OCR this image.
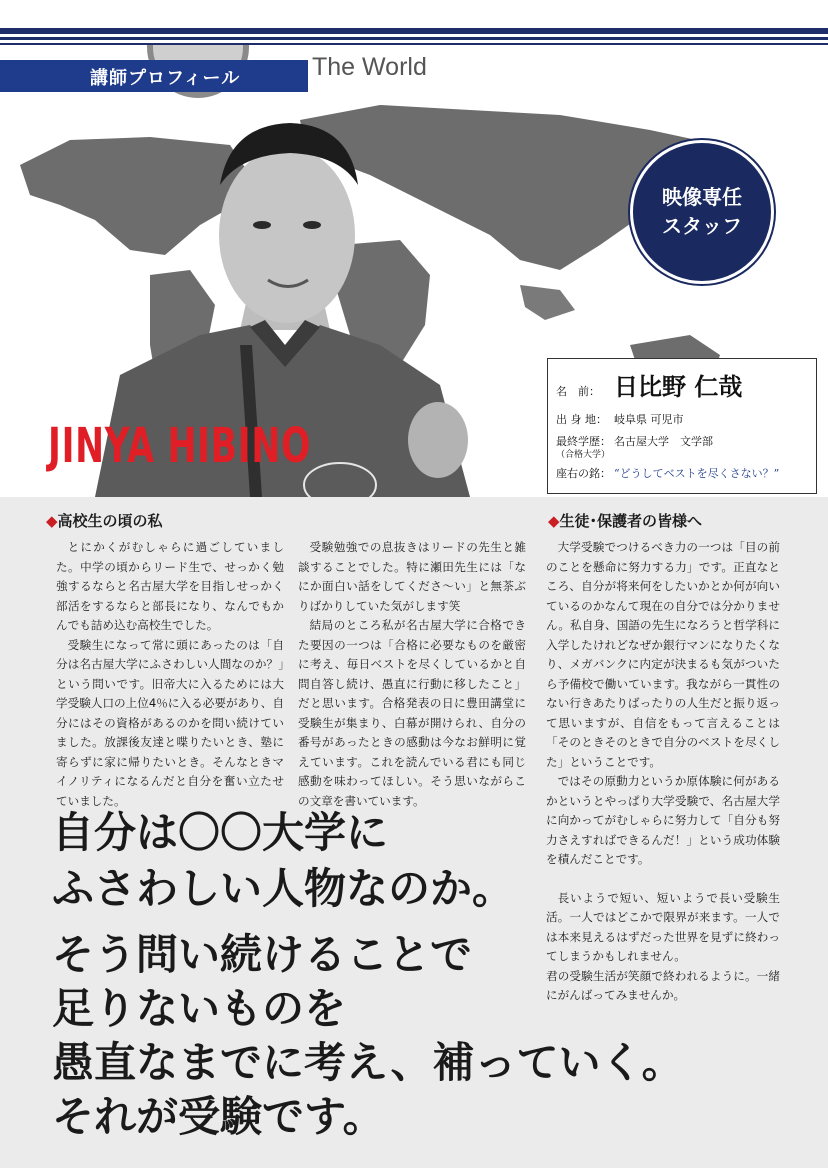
The World
講師プロフィール
映像専任
スタッフ
JINYA HIBINO
名　前： 日比野 仁哉
出 身 地： 岐阜県 可児市
最終学歴： 名古屋大学　文学部
（合格大学）
座右の銘： “どうしてベストを尽くさない？”
◆高校生の頃の私

とにかくがむしゃらに過ごしていました。中学の頃からリード生で、せっかく勉強するならと名古屋大学を目指しせっかく部活をするならと部長になり、なんでもかんでも詰め込む高校生でした。

受験生になって常に頭にあったのは「自分は名古屋大学にふさわしい人間なのか？」という問いです。旧帝大に入るためには大学受験人口の上位4％に入る必要があり、自分にはその資格があるのかを問い続けていました。放課後友達と喋りたいとき、塾に寄らずに家に帰りたいとき。そんなときマイノリティになるんだと自分を奮い立たせていました。

受験勉強での息抜きはリードの先生と雑談することでした。特に瀬田先生には「なにか面白い話をしてくださ〜い」と無茶ぶりばかりしていた気がします笑

結局のところ私が名古屋大学に合格できた要因の一つは「合格に必要なものを厳密に考え、毎日ベストを尽くしているかと自問自答し続け、愚直に行動に移したこと」だと思います。合格発表の日に豊田講堂に受験生が集まり、白幕が開けられ、自分の番号があったときの感動は今なお鮮明に覚えています。これを読んでいる君にも同じ感動を味わってほしい。そう思いながらこの文章を書いています。

◆生徒･保護者の皆様へ

大学受験でつけるべき力の一つは「目の前のことを懸命に努力する力」です。正直なところ、自分が将来何をしたいかとか何が向いているのかなんて現在の自分では分かりません。私自身、国語の先生になろうと哲学科に入学したけれどなぜか銀行マンになりたくなり、メガバンクに内定が決まるも気がついたら予備校で働いています。我ながら一貫性のない行きあたりばったりの人生だと振り返って思いますが、自信をもって言えることは「そのときそのときで自分のベストを尽くした」ということです。

ではその原動力というか原体験に何があるかというとやっぱり大学受験で、名古屋大学に向かってがむしゃらに努力して「自分も努力さえすればできるんだ！」という成功体験を積んだことです。

長いようで短い、短いようで長い受験生活。一人ではどこかで限界が来ます。一人では本来見えるはずだった世界を見ずに終わってしまうかもしれません。

君の受験生活が笑顔で終われるように。一緒にがんばってみませんか。

自分は〇〇大学に
ふさわしい人物なのか。
そう問い続けることで
足りないものを
愚直なまでに考え、補っていく。
それが受験です。
